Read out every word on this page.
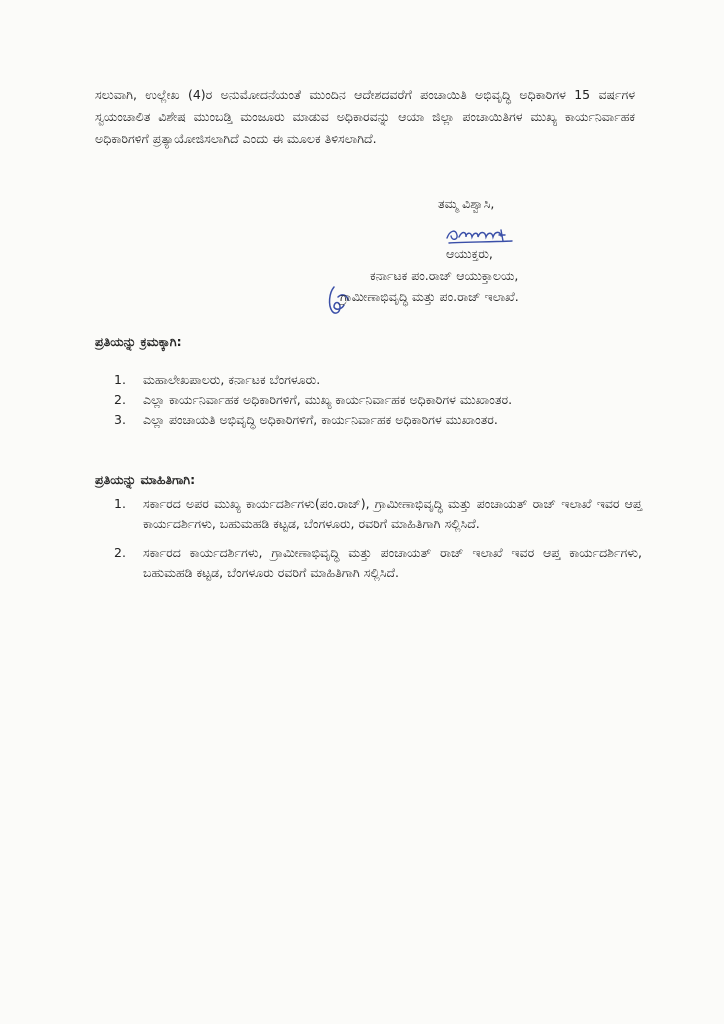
ಸಲುವಾಗಿ, ಉಲ್ಲೇಖ (4)ರ ಅನುಮೋದನೆಯಂತೆ ಮುಂದಿನ ಆದೇಶದವರೆಗೆ ಪಂಚಾಯಿತಿ ಅಭಿವೃದ್ಧಿ ಅಧಿಕಾರಿಗಳ 15 ವರ್ಷಗಳ ಸ್ವಯಂಚಾಲಿತ ವಿಶೇಷ ಮುಂಬಡ್ತಿ ಮಂಜೂರು ಮಾಡುವ ಅಧಿಕಾರವನ್ನು ಆಯಾ ಜಿಲ್ಲಾ ಪಂಚಾಯಿತಿಗಳ ಮುಖ್ಯ ಕಾರ್ಯನಿರ್ವಾಹಕ ಅಧಿಕಾರಿಗಳಿಗೆ ಪ್ರತ್ಯಾಯೋಜಿಸಲಾಗಿದೆ ಎಂದು ಈ ಮೂಲಕ ತಿಳಿಸಲಾಗಿದೆ.

ತಮ್ಮ ವಿಶ್ವಾಸಿ,
ಆಯುಕ್ತರು,
ಕರ್ನಾಟಕ ಪಂ.ರಾಜ್ ಆಯುಕ್ತಾಲಯ,
ಗ್ರಾಮೀಣಾಭಿವೃದ್ಧಿ ಮತ್ತು ಪಂ.ರಾಜ್ ಇಲಾಖೆ.
ಪ್ರತಿಯನ್ನು ಕ್ರಮಕ್ಕಾಗಿ:
1. ಮಹಾಲೇಖಪಾಲರು, ಕರ್ನಾಟಕ ಬೆಂಗಳೂರು.
2. ಎಲ್ಲಾ ಕಾರ್ಯನಿರ್ವಾಹಕ ಅಧಿಕಾರಿಗಳಿಗೆ, ಮುಖ್ಯ ಕಾರ್ಯನಿರ್ವಾಹಕ ಅಧಿಕಾರಿಗಳ ಮುಖಾಂತರ.
3. ಎಲ್ಲಾ ಪಂಚಾಯತಿ ಅಭಿವೃದ್ಧಿ ಅಧಿಕಾರಿಗಳಿಗೆ, ಕಾರ್ಯನಿರ್ವಾಹಕ ಅಧಿಕಾರಿಗಳ ಮುಖಾಂತರ.
ಪ್ರತಿಯನ್ನು ಮಾಹಿತಿಗಾಗಿ:
1. ಸರ್ಕಾರದ ಅಪರ ಮುಖ್ಯ ಕಾರ್ಯದರ್ಶಿಗಳು(ಪಂ.ರಾಜ್), ಗ್ರಾಮೀಣಾಭಿವೃದ್ಧಿ ಮತ್ತು ಪಂಚಾಯತ್ ರಾಜ್ ಇಲಾಖೆ ಇವರ ಆಪ್ತ ಕಾರ್ಯದರ್ಶಿಗಳು, ಬಹುಮಹಡಿ ಕಟ್ಟಡ, ಬೆಂಗಳೂರು, ರವರಿಗೆ ಮಾಹಿತಿಗಾಗಿ ಸಲ್ಲಿಸಿದೆ.
2. ಸರ್ಕಾರದ ಕಾರ್ಯದರ್ಶಿಗಳು, ಗ್ರಾಮೀಣಾಭಿವೃದ್ಧಿ ಮತ್ತು ಪಂಚಾಯತ್ ರಾಜ್ ಇಲಾಖೆ ಇವರ ಆಪ್ತ ಕಾರ್ಯದರ್ಶಿಗಳು, ಬಹುಮಹಡಿ ಕಟ್ಟಡ, ಬೆಂಗಳೂರು ರವರಿಗೆ ಮಾಹಿತಿಗಾಗಿ ಸಲ್ಲಿಸಿದೆ.
